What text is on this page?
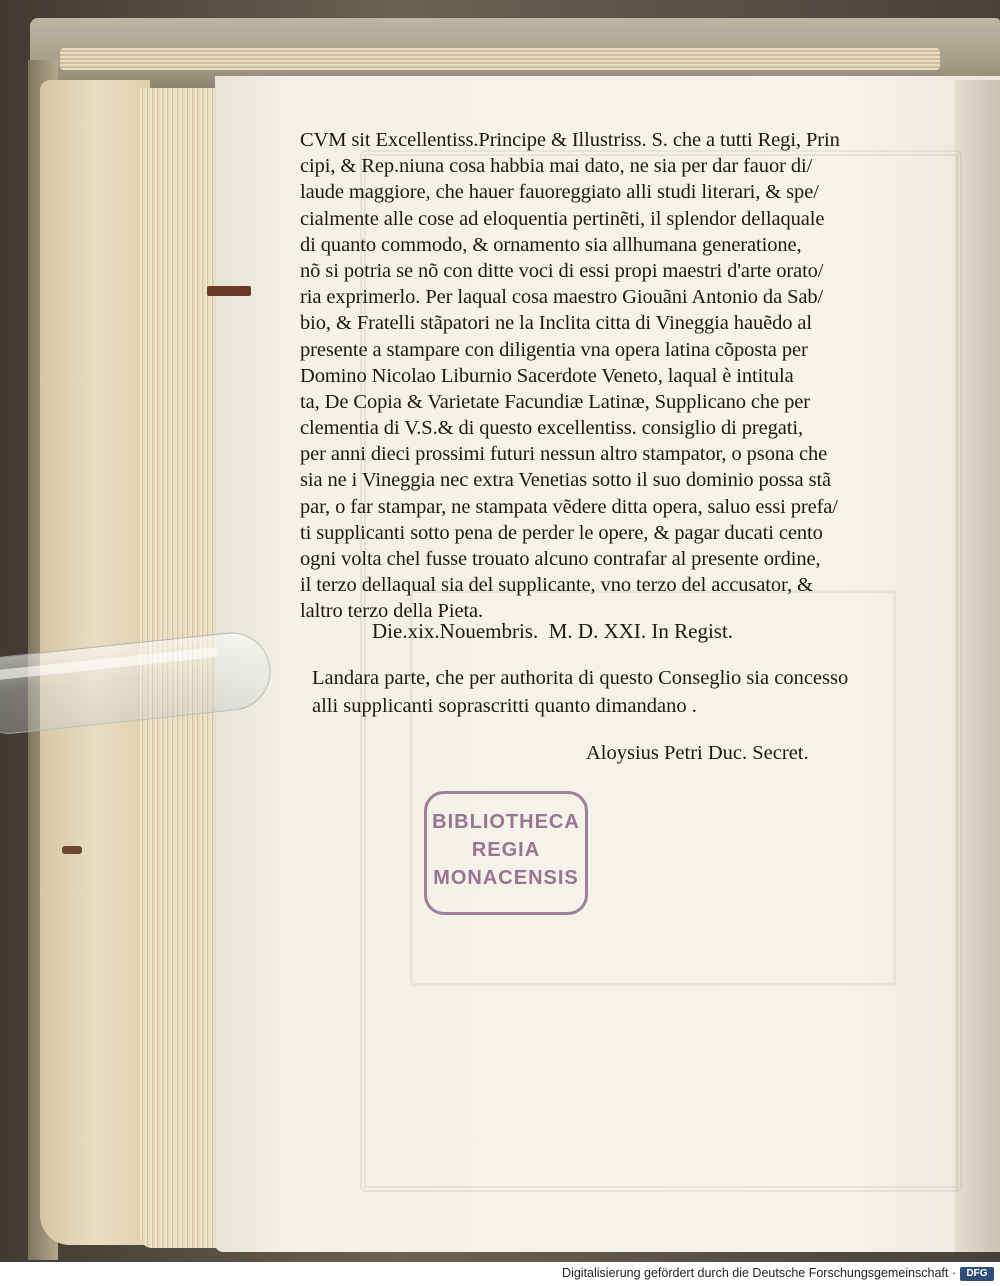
CVM sit Excellentiss.Principe & Illustriss. S. che a tutti Regi, Prin
cipi, & Rep.niuna cosa habbia mai dato, ne sia per dar fauor di/
laude maggiore, che hauer fauoreggiato alli studi literari, & spe/
cialmente alle cose ad eloquentia pertinẽti, il splendor dellaquale
di quanto commodo, & ornamento sia allhumana generatione,
nõ si potria se nõ con ditte voci di essi propi maestri d'arte orato/
ria exprimerlo. Per laqual cosa maestro Giouãni Antonio da Sab/
bio, & Fratelli stãpatori ne la Inclita citta di Vineggia hauẽdo al
presente a stampare con diligentia vna opera latina cõposta per
Domino Nicolao Liburnio Sacerdote Veneto, laqual è intitula
ta, De Copia & Varietate Facundiæ Latinæ, Supplicano che per
clementia di V.S.& di questo excellentiss. consiglio di pregati,
per anni dieci prossimi futuri nessun altro stampator, o psona che
sia ne i Vineggia nec extra Venetias sotto il suo dominio possa stã
par, o far stampar, ne stampata vẽdere ditta opera, saluo essi prefa/
ti supplicanti sotto pena de perder le opere, & pagar ducati cento
ogni volta chel fusse trouato alcuno contrafar al presente ordine,
il terzo dellaqual sia del supplicante, vno terzo del accusator, &
laltro terzo della Pieta.
Die.xix.Nouembris.  M. D. XXI. In Regist.
Landara parte, che per authorita di questo Conseglio sia concesso
alli supplicanti soprascritti quanto dimandano .
Aloysius Petri Duc. Secret.
BIBLIOTHECA
REGIA
MONACENSIS
Digitalisierung gefördert durch die Deutsche Forschungsgemeinschaft ·	DFG
